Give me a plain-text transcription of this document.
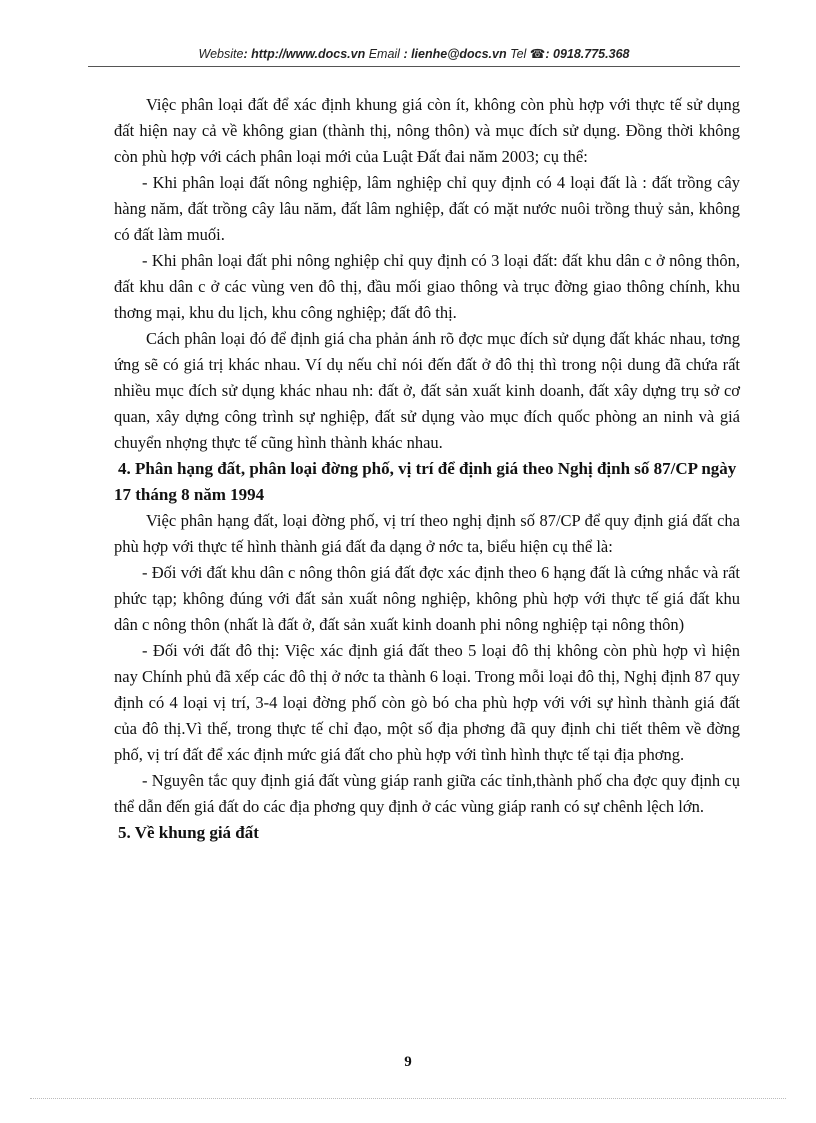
Website: http://www.docs.vn Email : lienhe@docs.vn Tel ☎: 0918.775.368

Việc phân loại đất để xác định khung giá còn ít, không còn phù hợp với thực tế sử dụng đất hiện nay cả về không gian (thành thị, nông thôn) và mục đích sử dụng. Đồng thời không còn phù hợp với cách phân loại mới của Luật Đất đai năm 2003; cụ thể:

- Khi phân loại đất nông nghiệp, lâm nghiệp chỉ quy định có 4 loại đất là : đất trồng cây hàng năm, đất trồng cây lâu năm, đất lâm nghiệp, đất có mặt nước nuôi trồng thuỷ sản, không có đất làm muối.

- Khi phân loại đất phi nông nghiệp chỉ quy định có 3 loại đất: đất khu dân c ở nông thôn, đất khu dân c ở các vùng ven đô thị, đầu mối giao thông và trục đờng giao thông chính, khu thơng mại, khu du lịch, khu công nghiệp; đất đô thị.

Cách phân loại đó để định giá cha phản ánh rõ đợc mục đích sử dụng đất khác nhau, tơng ứng sẽ có giá trị khác nhau. Ví dụ nếu chỉ nói đến đất ở đô thị thì trong nội dung đã chứa rất nhiều mục đích sử dụng khác nhau nh: đất ở, đất sản xuất kinh doanh, đất xây dựng trụ sở cơ quan, xây dựng công trình sự nghiệp, đất sử dụng vào mục đích quốc phòng an ninh và giá chuyển nhợng thực tế cũng hình thành khác nhau.

4. Phân hạng đất, phân loại đờng phố, vị trí để định giá theo Nghị định số 87/CP ngày 17 tháng 8 năm 1994

Việc phân hạng đất, loại đờng phố, vị trí theo nghị định số 87/CP để quy định giá đất cha phù hợp với thực tế hình thành giá đất đa dạng ở nớc ta, biểu hiện cụ thể là:

- Đối với đất khu dân c nông thôn giá đất đợc xác định theo 6 hạng đất là cứng nhắc và rất phức tạp; không đúng với đất sản xuất nông nghiệp, không phù hợp với thực tế giá đất khu dân c nông thôn (nhất là đất ở, đất sản xuất kinh doanh phi nông nghiệp tại nông thôn)

- Đối với đất đô thị: Việc xác định giá đất theo 5 loại đô thị không còn phù hợp vì hiện nay Chính phủ đã xếp các đô thị ở nớc ta thành 6 loại. Trong mỗi loại đô thị, Nghị định 87 quy định có 4 loại vị trí, 3-4 loại đờng phố còn gò bó cha phù hợp với với sự hình thành giá đất của đô thị.Vì thế, trong thực tế chỉ đạo, một số địa phơng đã quy định chi tiết thêm về đờng phố, vị trí đất để xác định mức giá đất cho phù hợp với tình hình thực tế tại địa phơng.

- Nguyên tắc quy định giá đất vùng giáp ranh giữa các tỉnh,thành phố cha đợc quy định cụ thể dẫn đến giá đất do các địa phơng quy định ở các vùng giáp ranh có sự chênh lệch lớn.

5. Về khung giá đất

9
